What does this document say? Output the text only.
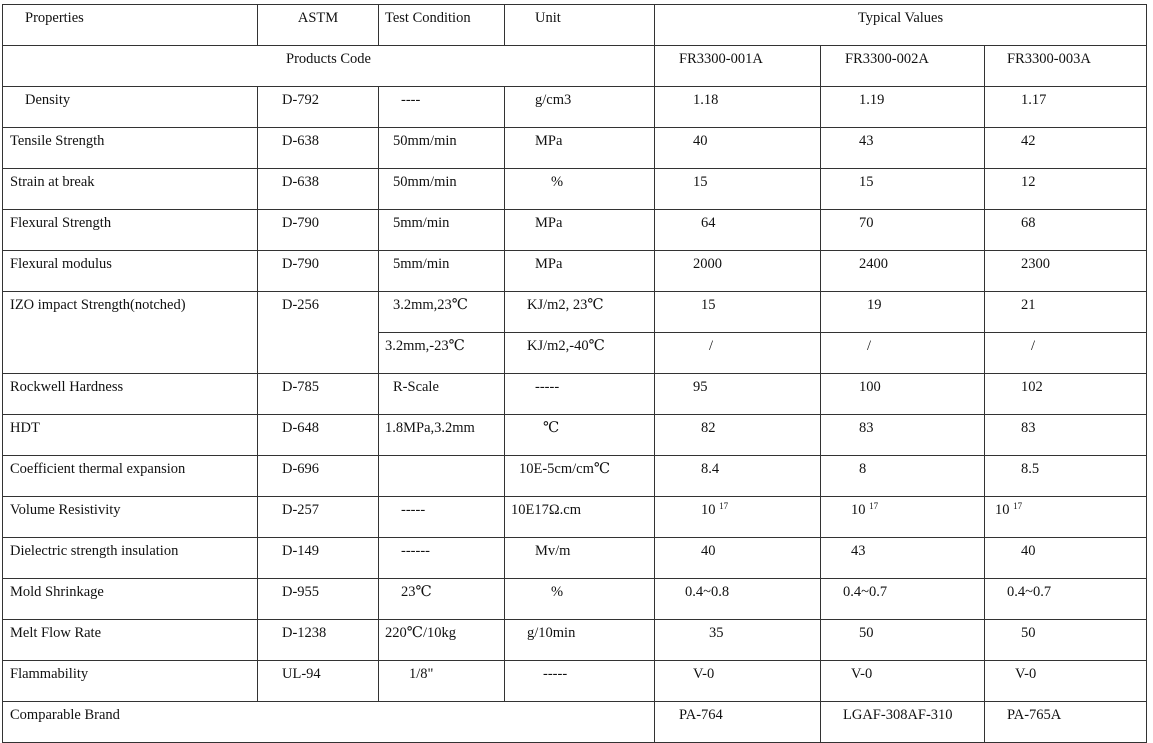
Properties	ASTM	Test Condition	Unit	Typical Values		
Products Code				FR3300-001A	FR3300-002A	FR3300-003A
Density	D-792	----	g/cm3	1.18	1.19	1.17
Tensile Strength	D-638	50mm/min	MPa	40	43	42
Strain at break	D-638	50mm/min	%	15	15	12
Flexural Strength	D-790	5mm/min	MPa	64	70	68
Flexural modulus	D-790	5mm/min	MPa	2000	2400	2300
IZO impact Strength(notched)	D-256	3.2mm,23℃	KJ/m2, 23℃	15	19	21
		3.2mm,-23℃	KJ/m2,-40℃	/	/	/
Rockwell Hardness	D-785	R-Scale	-----	95	100	102
HDT	D-648	1.8MPa,3.2mm	℃	82	83	83
Coefficient thermal expansion	D-696		10E-5cm/cm℃	8.4	8	8.5
Volume Resistivity	D-257	-----	10E17Ω.cm	10 $^{17}$	10 $^{17}$	10 $^{17}$
Dielectric strength insulation	D-149	------	Mv/m	40	43	40
Mold Shrinkage	D-955	23℃	%	0.4~0.8	0.4~0.7	0.4~0.7
Melt Flow Rate	D-1238	220℃/10kg	g/10min	35	50	50
Flammability	UL-94	1/8"	-----	V-0	V-0	V-0
Comparable Brand				PA-764	LGAF-308AF-310	PA-765A
